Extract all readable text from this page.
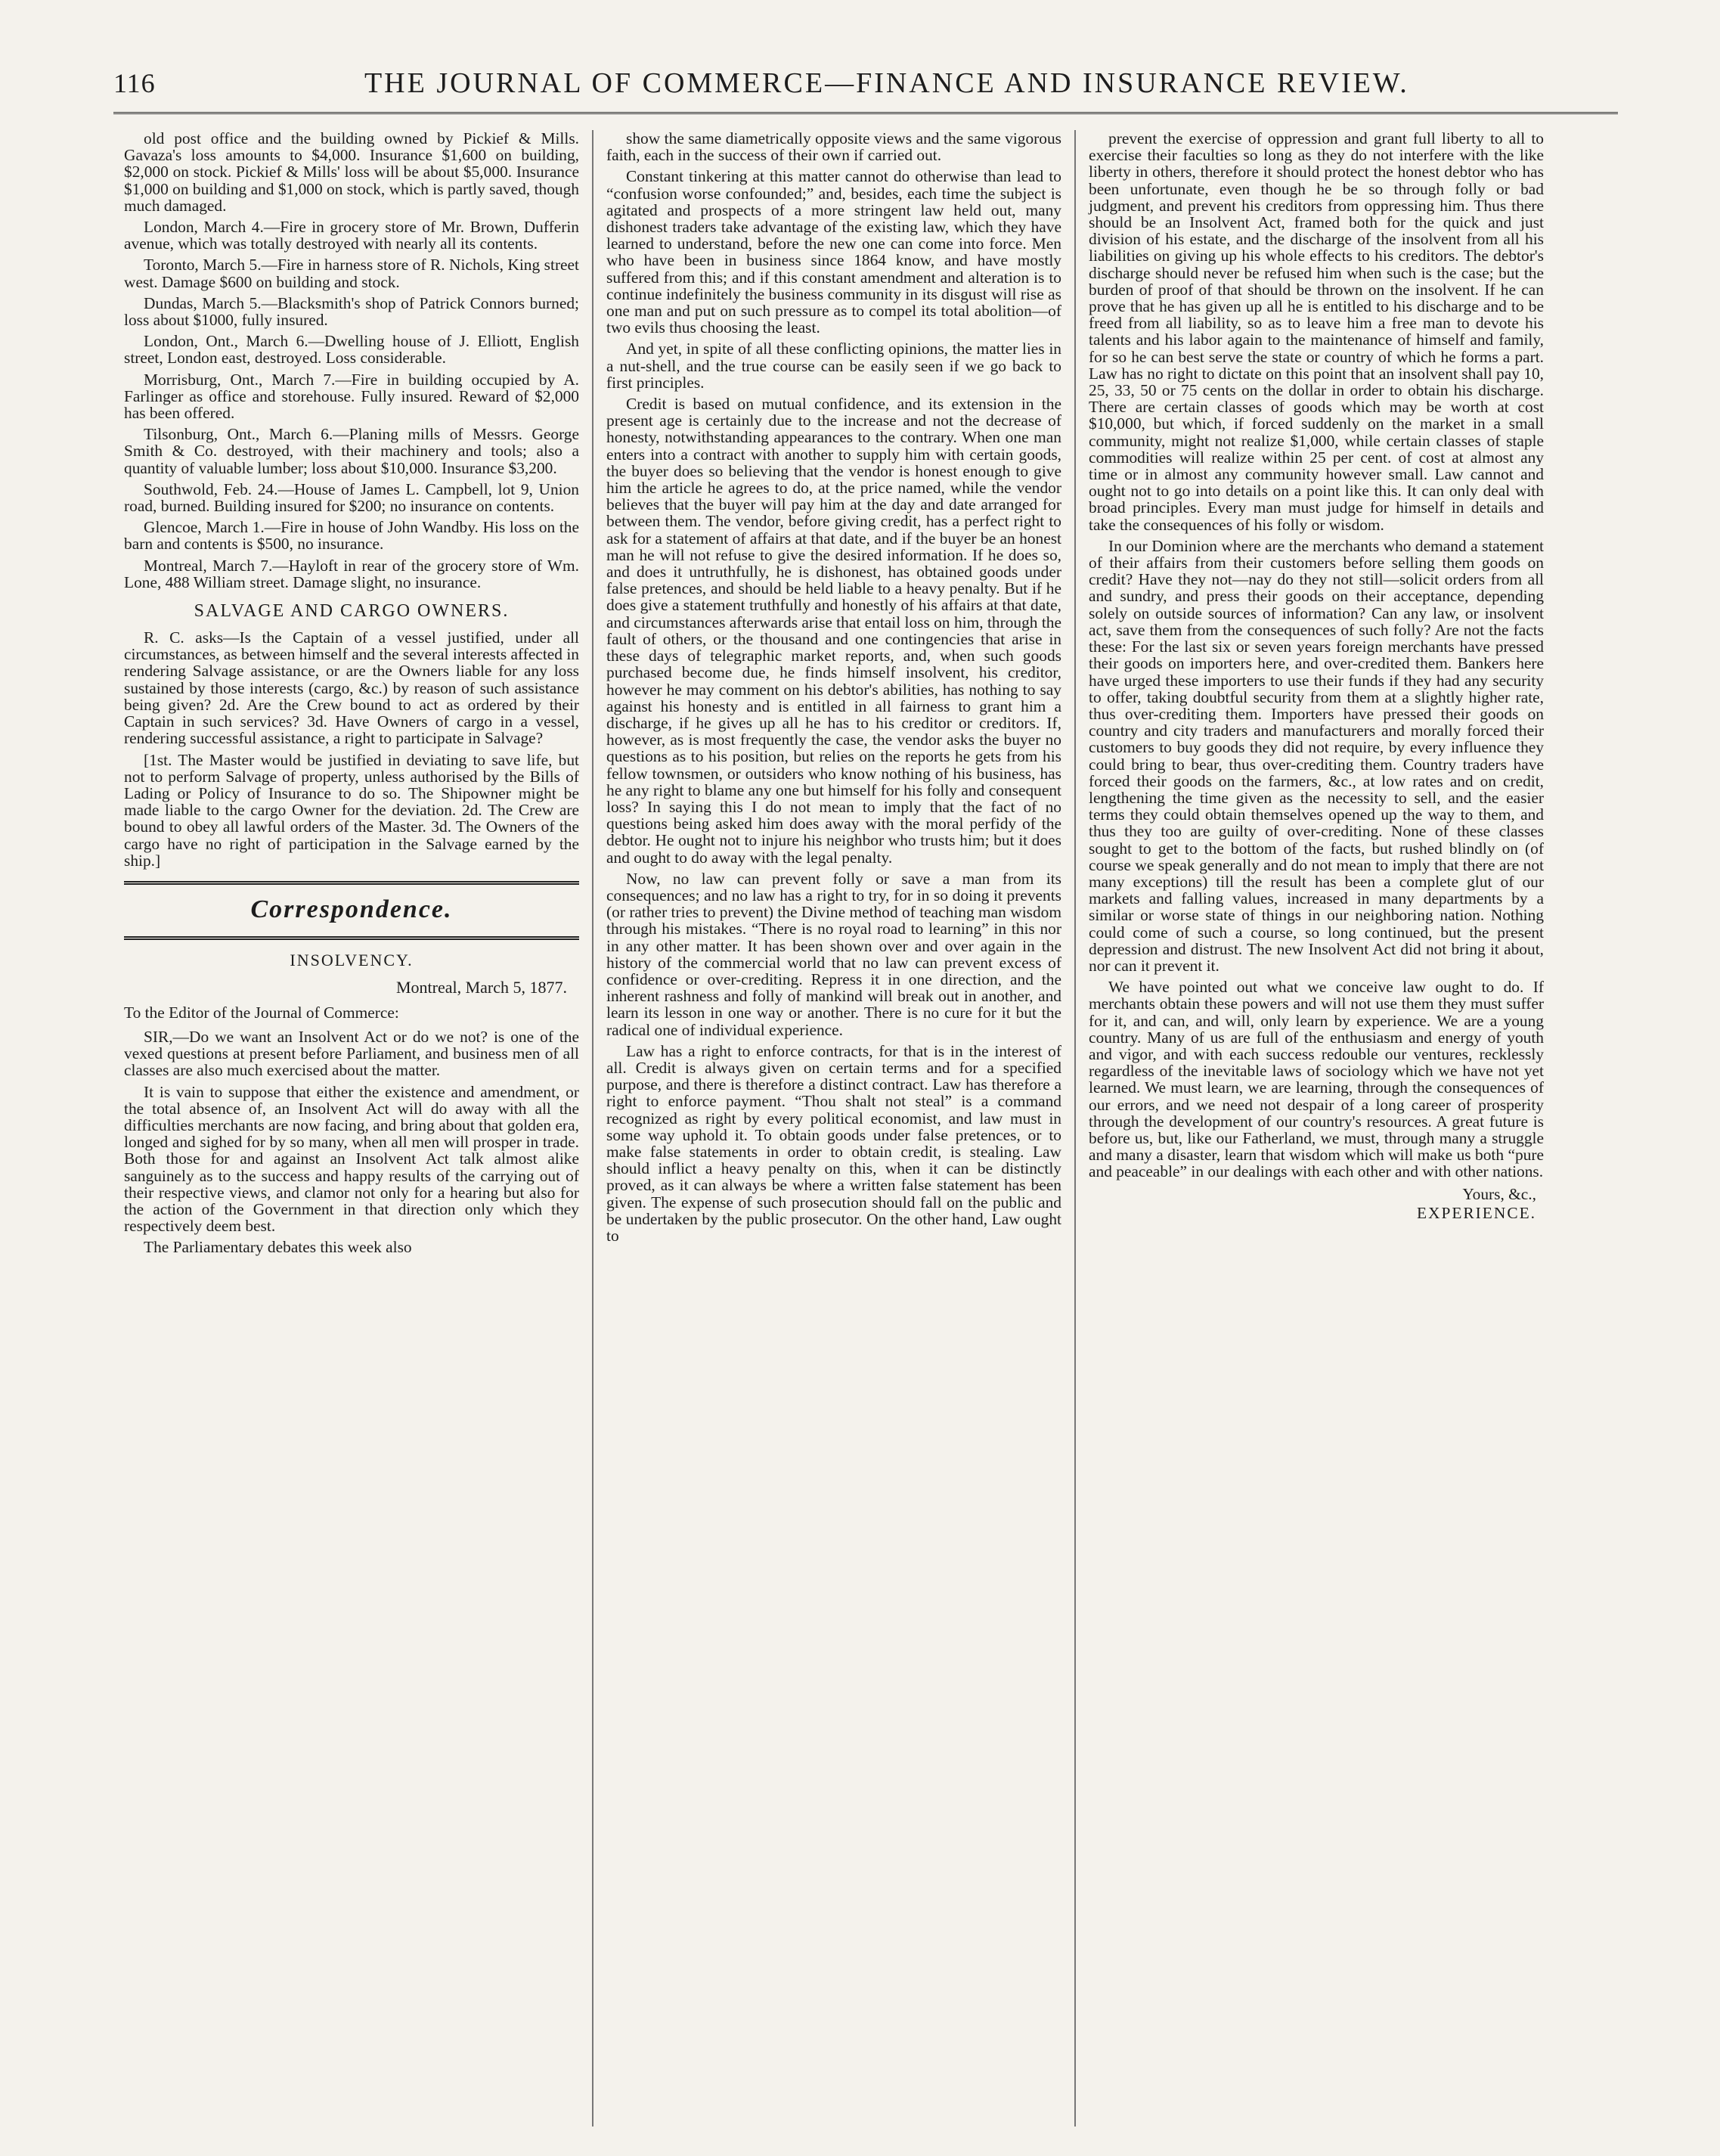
116	THE JOURNAL OF COMMERCE—FINANCE AND INSURANCE REVIEW.

old post office and the building owned by Pickief & Mills. Gavaza's loss amounts to $4,000. Insurance $1,600 on building, $2,000 on stock. Pickief & Mills' loss will be about $5,000. Insurance $1,000 on building and $1,000 on stock, which is partly saved, though much damaged.

London, March 4.—Fire in grocery store of Mr. Brown, Dufferin avenue, which was totally destroyed with nearly all its contents.

Toronto, March 5.—Fire in harness store of R. Nichols, King street west. Damage $600 on building and stock.

Dundas, March 5.—Blacksmith's shop of Patrick Connors burned; loss about $1000, fully insured.

London, Ont., March 6.—Dwelling house of J. Elliott, English street, London east, destroyed. Loss considerable.

Morrisburg, Ont., March 7.—Fire in building occupied by A. Farlinger as office and storehouse. Fully insured. Reward of $2,000 has been offered.

Tilsonburg, Ont., March 6.—Planing mills of Messrs. George Smith & Co. destroyed, with their machinery and tools; also a quantity of valuable lumber; loss about $10,000. Insurance $3,200.

Southwold, Feb. 24.—House of James L. Campbell, lot 9, Union road, burned. Building insured for $200; no insurance on contents.

Glencoe, March 1.—Fire in house of John Wandby. His loss on the barn and contents is $500, no insurance.

Montreal, March 7.—Hayloft in rear of the grocery store of Wm. Lone, 488 William street. Damage slight, no insurance.

SALVAGE AND CARGO OWNERS.

R. C. asks—Is the Captain of a vessel justified, under all circumstances, as between himself and the several interests affected in rendering Salvage assistance, or are the Owners liable for any loss sustained by those interests (cargo, &c.) by reason of such assistance being given? 2d. Are the Crew bound to act as ordered by their Captain in such services? 3d. Have Owners of cargo in a vessel, rendering successful assistance, a right to participate in Salvage?

[1st. The Master would be justified in deviating to save life, but not to perform Salvage of property, unless authorised by the Bills of Lading or Policy of Insurance to do so. The Shipowner might be made liable to the cargo Owner for the deviation. 2d. The Crew are bound to obey all lawful orders of the Master. 3d. The Owners of the cargo have no right of participation in the Salvage earned by the ship.]

Correspondence.
INSOLVENCY.
Montreal, March 5, 1877.
To the Editor of the Journal of Commerce:

SIR,—Do we want an Insolvent Act or do we not? is one of the vexed questions at present before Parliament, and business men of all classes are also much exercised about the matter.

It is vain to suppose that either the existence and amendment, or the total absence of, an Insolvent Act will do away with all the difficulties merchants are now facing, and bring about that golden era, longed and sighed for by so many, when all men will prosper in trade. Both those for and against an Insolvent Act talk almost alike sanguinely as to the success and happy results of the carrying out of their respective views, and clamor not only for a hearing but also for the action of the Government in that direction only which they respectively deem best.

The Parliamentary debates this week also

show the same diametrically opposite views and the same vigorous faith, each in the success of their own if carried out.

Constant tinkering at this matter cannot do otherwise than lead to “confusion worse confounded;” and, besides, each time the subject is agitated and prospects of a more stringent law held out, many dishonest traders take advantage of the existing law, which they have learned to understand, before the new one can come into force. Men who have been in business since 1864 know, and have mostly suffered from this; and if this constant amendment and alteration is to continue indefinitely the business community in its disgust will rise as one man and put on such pressure as to compel its total abolition—of two evils thus choosing the least.

And yet, in spite of all these conflicting opinions, the matter lies in a nut-shell, and the true course can be easily seen if we go back to first principles.

Credit is based on mutual confidence, and its extension in the present age is certainly due to the increase and not the decrease of honesty, notwithstanding appearances to the contrary. When one man enters into a contract with another to supply him with certain goods, the buyer does so believing that the vendor is honest enough to give him the article he agrees to do, at the price named, while the vendor believes that the buyer will pay him at the day and date arranged for between them. The vendor, before giving credit, has a perfect right to ask for a statement of affairs at that date, and if the buyer be an honest man he will not refuse to give the desired information. If he does so, and does it untruthfully, he is dishonest, has obtained goods under false pretences, and should be held liable to a heavy penalty. But if he does give a statement truthfully and honestly of his affairs at that date, and circumstances afterwards arise that entail loss on him, through the fault of others, or the thousand and one contingencies that arise in these days of telegraphic market reports, and, when such goods purchased become due, he finds himself insolvent, his creditor, however he may comment on his debtor's abilities, has nothing to say against his honesty and is entitled in all fairness to grant him a discharge, if he gives up all he has to his creditor or creditors. If, however, as is most frequently the case, the vendor asks the buyer no questions as to his position, but relies on the reports he gets from his fellow townsmen, or outsiders who know nothing of his business, has he any right to blame any one but himself for his folly and consequent loss? In saying this I do not mean to imply that the fact of no questions being asked him does away with the moral perfidy of the debtor. He ought not to injure his neighbor who trusts him; but it does and ought to do away with the legal penalty.

Now, no law can prevent folly or save a man from its consequences; and no law has a right to try, for in so doing it prevents (or rather tries to prevent) the Divine method of teaching man wisdom through his mistakes. “There is no royal road to learning” in this nor in any other matter. It has been shown over and over again in the history of the commercial world that no law can prevent excess of confidence or over-crediting. Repress it in one direction, and the inherent rashness and folly of mankind will break out in another, and learn its lesson in one way or another. There is no cure for it but the radical one of individual experience.

Law has a right to enforce contracts, for that is in the interest of all. Credit is always given on certain terms and for a specified purpose, and there is therefore a distinct contract. Law has therefore a right to enforce payment. “Thou shalt not steal” is a command recognized as right by every political economist, and law must in some way uphold it. To obtain goods under false pretences, or to make false statements in order to obtain credit, is stealing. Law should inflict a heavy penalty on this, when it can be distinctly proved, as it can always be where a written false statement has been given. The expense of such prosecution should fall on the public and be undertaken by the public prosecutor. On the other hand, Law ought to

prevent the exercise of oppression and grant full liberty to all to exercise their faculties so long as they do not interfere with the like liberty in others, therefore it should protect the honest debtor who has been unfortunate, even though he be so through folly or bad judgment, and prevent his creditors from oppressing him. Thus there should be an Insolvent Act, framed both for the quick and just division of his estate, and the discharge of the insolvent from all his liabilities on giving up his whole effects to his creditors. The debtor's discharge should never be refused him when such is the case; but the burden of proof of that should be thrown on the insolvent. If he can prove that he has given up all he is entitled to his discharge and to be freed from all liability, so as to leave him a free man to devote his talents and his labor again to the maintenance of himself and family, for so he can best serve the state or country of which he forms a part. Law has no right to dictate on this point that an insolvent shall pay 10, 25, 33, 50 or 75 cents on the dollar in order to obtain his discharge. There are certain classes of goods which may be worth at cost $10,000, but which, if forced suddenly on the market in a small community, might not realize $1,000, while certain classes of staple commodities will realize within 25 per cent. of cost at almost any time or in almost any community however small. Law cannot and ought not to go into details on a point like this. It can only deal with broad principles. Every man must judge for himself in details and take the consequences of his folly or wisdom.

In our Dominion where are the merchants who demand a statement of their affairs from their customers before selling them goods on credit? Have they not—nay do they not still—solicit orders from all and sundry, and press their goods on their acceptance, depending solely on outside sources of information? Can any law, or insolvent act, save them from the consequences of such folly? Are not the facts these: For the last six or seven years foreign merchants have pressed their goods on importers here, and over-credited them. Bankers here have urged these importers to use their funds if they had any security to offer, taking doubtful security from them at a slightly higher rate, thus over-crediting them. Importers have pressed their goods on country and city traders and manufacturers and morally forced their customers to buy goods they did not require, by every influence they could bring to bear, thus over-crediting them. Country traders have forced their goods on the farmers, &c., at low rates and on credit, lengthening the time given as the necessity to sell, and the easier terms they could obtain themselves opened up the way to them, and thus they too are guilty of over-crediting. None of these classes sought to get to the bottom of the facts, but rushed blindly on (of course we speak generally and do not mean to imply that there are not many exceptions) till the result has been a complete glut of our markets and falling values, increased in many departments by a similar or worse state of things in our neighboring nation. Nothing could come of such a course, so long continued, but the present depression and distrust. The new Insolvent Act did not bring it about, nor can it prevent it.

We have pointed out what we conceive law ought to do. If merchants obtain these powers and will not use them they must suffer for it, and can, and will, only learn by experience. We are a young country. Many of us are full of the enthusiasm and energy of youth and vigor, and with each success redouble our ventures, recklessly regardless of the inevitable laws of sociology which we have not yet learned. We must learn, we are learning, through the consequences of our errors, and we need not despair of a long career of prosperity through the development of our country's resources. A great future is before us, but, like our Fatherland, we must, through many a struggle and many a disaster, learn that wisdom which will make us both “pure and peaceable” in our dealings with each other and with other nations.

Yours, &c.,
EXPERIENCE.
